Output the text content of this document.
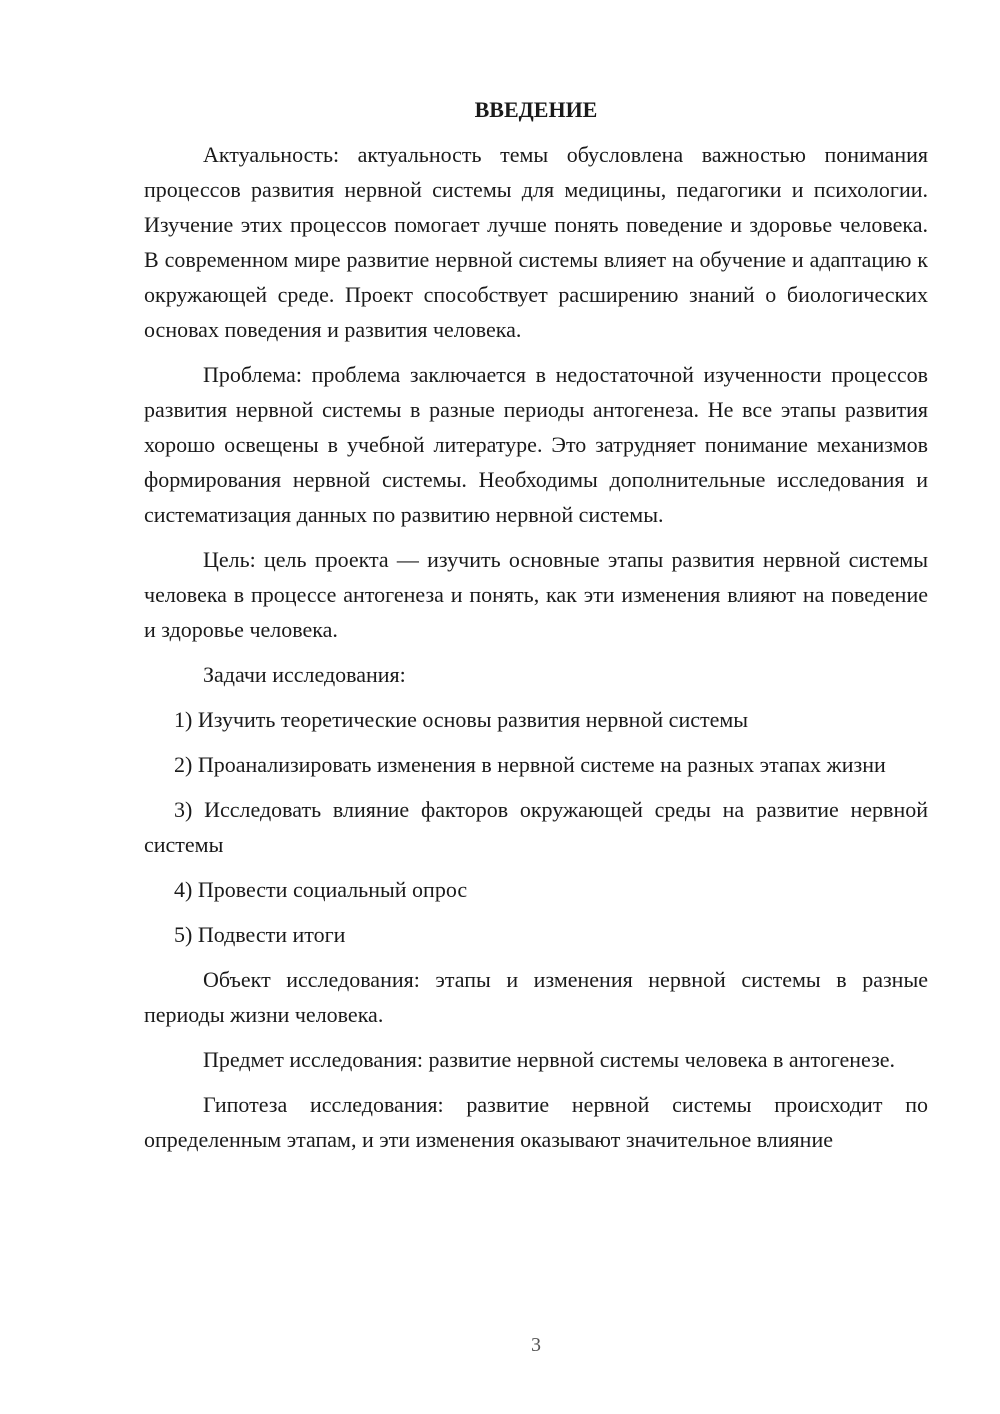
ВВЕДЕНИЕ

Актуальность: актуальность темы обусловлена важностью понимания процессов развития нервной системы для медицины, педагогики и психологии. Изучение этих процессов помогает лучше понять поведение и здоровье человека. В современном мире развитие нервной системы влияет на обучение и адаптацию к окружающей среде. Проект способствует расширению знаний о биологических основах поведения и развития человека.

Проблема: проблема заключается в недостаточной изученности процессов развития нервной системы в разные периоды антогенеза. Не все этапы развития хорошо освещены в учебной литературе. Это затрудняет понимание механизмов формирования нервной системы. Необходимы дополнительные исследования и систематизация данных по развитию нервной системы.

Цель: цель проекта — изучить основные этапы развития нервной системы человека в процессе антогенеза и понять, как эти изменения влияют на поведение и здоровье человека.

Задачи исследования:

1) Изучить теоретические основы развития нервной системы

2) Проанализировать изменения в нервной системе на разных этапах жизни

3) Исследовать влияние факторов окружающей среды на развитие нервной системы

4) Провести социальный опрос

5) Подвести итоги

Объект исследования: этапы и изменения нервной системы в разные периоды жизни человека.

Предмет исследования: развитие нервной системы человека в антогенезе.

Гипотеза исследования: развитие нервной системы происходит по определенным этапам, и эти изменения оказывают значительное влияние

3
